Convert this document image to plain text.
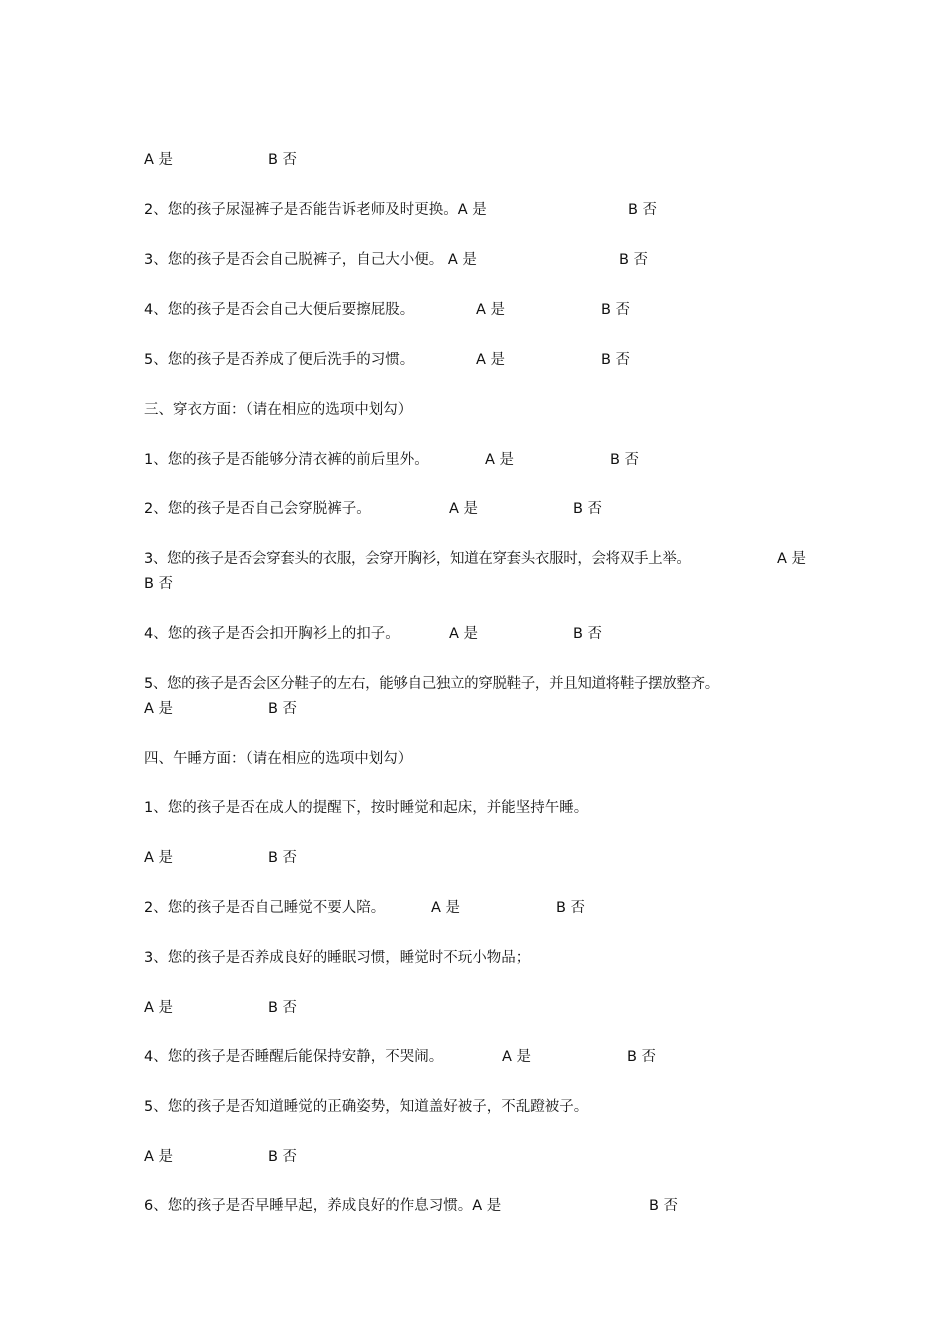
A 是	B 否
2、您的孩子尿湿裤子是否能告诉老师及时更换。A 是	B 否
3、您的孩子是否会自己脱裤子，自己大小便。 A 是	B 否
4、您的孩子是否会自己大便后要擦屁股。	A 是	B 否
5、您的孩子是否养成了便后洗手的习惯。	A 是	B 否
三、穿衣方面：（请在相应的选项中划勾）
1、您的孩子是否能够分清衣裤的前后里外。	A 是	B 否
2、您的孩子是否自己会穿脱裤子。	A 是	B 否
3、您的孩子是否会穿套头的衣服，会穿开胸衫，知道在穿套头衣服时，会将双手上举。	A 是
B 否
4、您的孩子是否会扣开胸衫上的扣子。	A 是	B 否
5、您的孩子是否会区分鞋子的左右，能够自己独立的穿脱鞋子，并且知道将鞋子摆放整齐。
A 是	B 否
四、午睡方面：（请在相应的选项中划勾）
1、您的孩子是否在成人的提醒下，按时睡觉和起床，并能坚持午睡。
A 是	B 否
2、您的孩子是否自己睡觉不要人陪。	A 是	B 否
3、您的孩子是否养成良好的睡眠习惯，睡觉时不玩小物品；
A 是	B 否
4、您的孩子是否睡醒后能保持安静，不哭闹。	A 是	B 否
5、您的孩子是否知道睡觉的正确姿势，知道盖好被子，不乱蹬被子。
A 是	B 否
6、您的孩子是否早睡早起，养成良好的作息习惯。A 是	B 否
